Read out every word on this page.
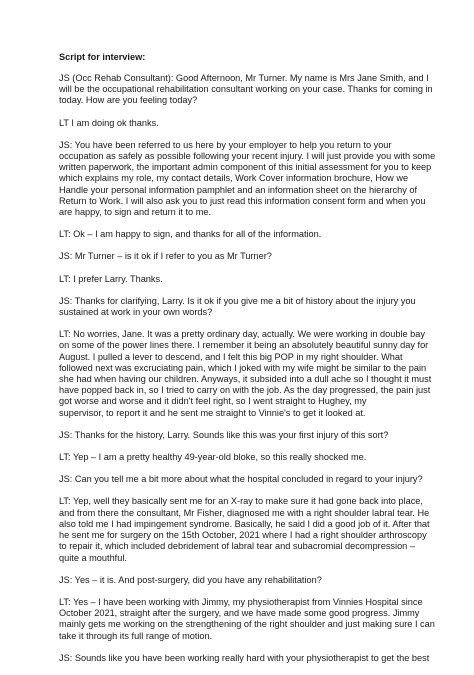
Script for interview:
JS (Occ Rehab Consultant): Good Afternoon, Mr Turner. My name is Mrs Jane Smith, and I
will be the occupational rehabilitation consultant working on your case. Thanks for coming in
today. How are you feeling today?
LT I am doing ok thanks.
JS: You have been referred to us here by your employer to help you return to your
occupation as safely as possible following your recent injury. I will just provide you with some
written paperwork, the important admin component of this initial assessment for you to keep
which explains my role, my contact details, Work Cover information brochure, How we
Handle your personal information pamphlet and an information sheet on the hierarchy of
Return to Work. I will also ask you to just read this information consent form and when you
are happy, to sign and return it to me.
LT: Ok – I am happy to sign, and thanks for all of the information.
JS: Mr Turner – is it ok if I refer to you as Mr Turner?
LT: I prefer Larry. Thanks.
JS: Thanks for clarifying, Larry. Is it ok if you give me a bit of history about the injury you
sustained at work in your own words?
LT: No worries, Jane. It was a pretty ordinary day, actually. We were working in double bay
on some of the power lines there. I remember it being an absolutely beautiful sunny day for
August. I pulled a lever to descend, and I felt this big POP in my right shoulder. What
followed next was excruciating pain, which I joked with my wife might be similar to the pain
she had when having our children. Anyways, it subsided into a dull ache so I thought it must
have popped back in, so I tried to carry on with the job. As the day progressed, the pain just
got worse and worse and it didn't feel right, so I went straight to Hughey, my
supervisor, to report it and he sent me straight to Vinnie's to get it looked at.
JS: Thanks for the history, Larry. Sounds like this was your first injury of this sort?
LT: Yep – I am a pretty healthy 49-year-old bloke, so this really shocked me.
JS: Can you tell me a bit more about what the hospital concluded in regard to your injury?
LT: Yep, well they basically sent me for an X-ray to make sure it had gone back into place,
and from there the consultant, Mr Fisher, diagnosed me with a right shoulder labral tear. He
also told me I had impingement syndrome. Basically, he said I did a good job of it. After that
he sent me for surgery on the 15th October, 2021 where I had a right shoulder arthroscopy
to repair it, which included debridement of labral tear and subacromial decompression –
quite a mouthful.
JS: Yes – it is. And post-surgery, did you have any rehabilitation?
LT: Yes – I have been working with Jimmy, my physiotherapist from Vinnies Hospital since
October 2021, straight after the surgery, and we have made some good progress. Jimmy
mainly gets me working on the strengthening of the right shoulder and just making sure I can
take it through its full range of motion.
JS: Sounds like you have been working really hard with your physiotherapist to get the best
